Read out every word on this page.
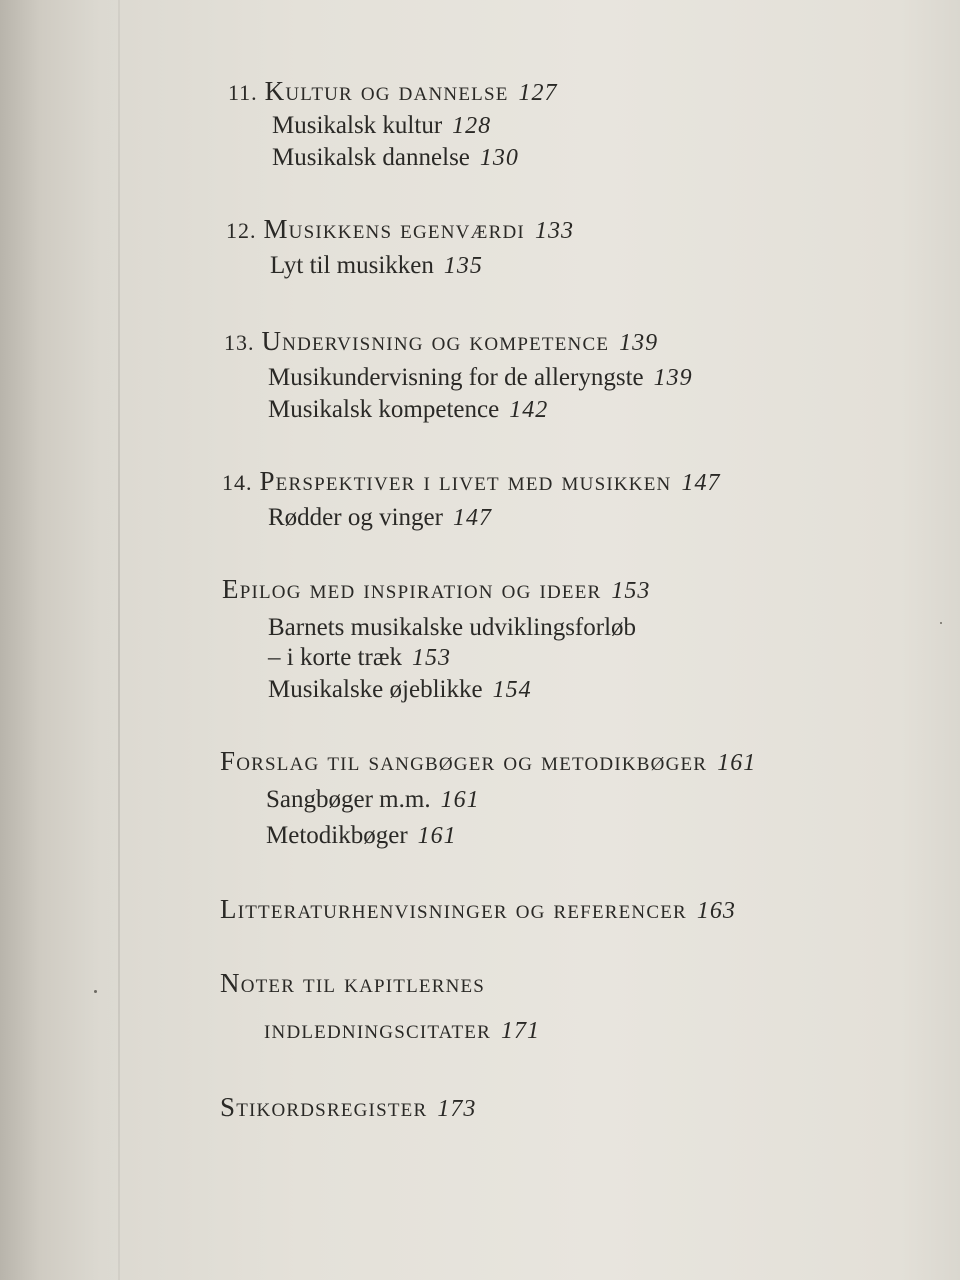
11. Kultur og dannelse 127
Musikalsk kultur 128
Musikalsk dannelse 130
12. Musikkens egenværdi 133
Lyt til musikken 135
13. Undervisning og kompetence 139
Musikundervisning for de alleryngste 139
Musikalsk kompetence 142
14. Perspektiver i livet med musikken 147
Rødder og vinger 147
Epilog med inspiration og ideer 153
Barnets musikalske udviklingsforløb
– i korte træk 153
Musikalske øjeblikke 154
Forslag til sangbøger og metodikbøger 161
Sangbøger m.m. 161
Metodikbøger 161
Litteraturhenvisninger og referencer 163
Noter til kapitlernes
indledningscitater 171
Stikordsregister 173
